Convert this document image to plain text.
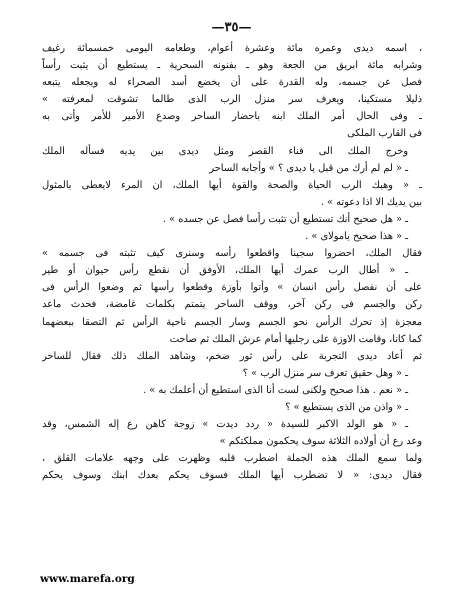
—٣٥—
، اسمه ديدى وعمره مائة وعشرة أعوام، وطعامه اليومى خمسمائة رغيف
وشرابه مائة ابريق من الجعة وهو ـ بفنونه السحرية ـ يستطيع أن يثبت رأساً
فصل عن جسمه، وله القدرة على أن يخضع أسد الصحراء له ويجعله يتبعه
ذليلا مستكينا، ويعرف سر منزل الرب الذى طالما تشوقت لمعرفته »
ـ وفى الحال أمر الملك ابنه باحضار الساحر وصدع الأمير للأمر وأتى به
فى القارب الملكى
وخرج الملك الى فناء القصر ومثل ديدى بين يديه فسأله الملك
ـ « لم لم أرك من قبل يا ديدى ؟ » وأجابه الساحر
ـ « وهبك الرب الحياة والصحة والقوة أيها الملك، ان المرء لايعطى بالمثول
بين يديك الا اذا دعوته » .
ـ « هل صحيح أنك تستطيع أن تثبت رأسا فصل عن جسده » .
ـ « هذا صحيح يامولاى » .
فقال الملك، احضروا سجينا واقطعوا رأسه وسنرى كيف تثبته فى جسمه »
ـ « أطال الرب عمرك أيها الملك، الأوفق أن نقطع رأس حيوان أو طير
على أن نفصل رأس انسان » وأتوا بأوزة وقطعوا رأسها ثم وضعوا الرأس فى
ركن والجسم فى ركن آخر، ووقف الساحر يتمتم بكلمات غامضة، فحدث ماعد
معجزة إذ تحرك الرأس نحو الجسم وسار الجسم ناحية الرأس ثم التصقا ببعضهما
كما كانا، وقامت الاوزة على رجليها أمام عرش الملك ثم صاحت
ثم أعاد ديدى التجربة على رأس ثور ضخم، وشاهد الملك ذلك فقال للساحر
ـ « وهل حقيق تعرف سر منزل الرب » ؟
ـ « نعم . هذا صحيح ولكنى لست أنا الذى استطيع أن أعلمك به » .
ـ « واذن من الذى يستطيع » ؟
ـ « هو الولد الاكبر للسيدة « ردد ديدت » زوجة كاهن رع إله الشمس، وقد
وعد رع أن أولاده الثلاثة سوف يحكمون مملكتكم »
ولما سمع الملك هذه الجملة اضطرب قلبه وظهرت على وجهه علامات القلق ،
فقال ديدى: « لا تضطرب أيها الملك فسوف يحكم بعدك ابنك وسوف يحكم
www.marefa.org
